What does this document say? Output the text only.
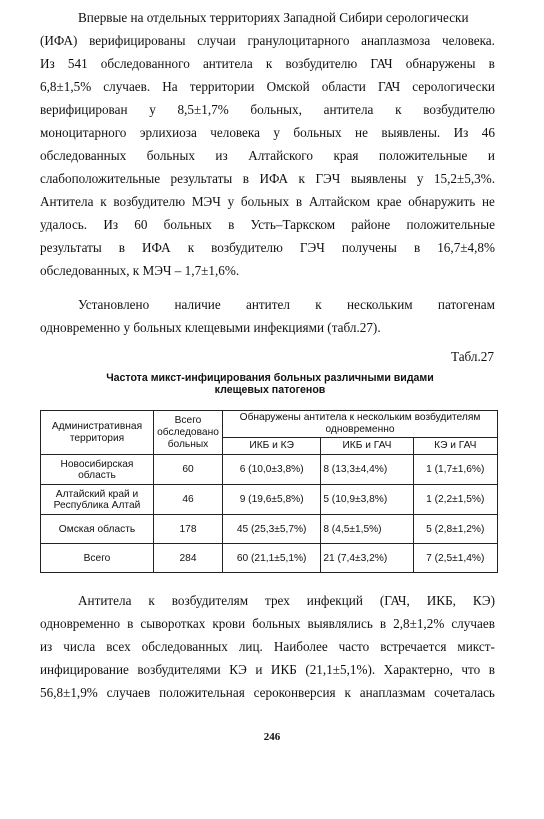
Впервые на отдельных территориях Западной Сибири серологически
(ИФА) верифицированы случаи гранулоцитарного анаплазмоза человека.
Из 541 обследованного антитела к возбудителю ГАЧ обнаружены в
6,8±1,5% случаев. На территории Омской области ГАЧ серологически
верифицирован у 8,5±1,7% больных, антитела к возбудителю
моноцитарного эрлихиоза человека у больных не выявлены. Из 46
обследованных больных из Алтайского края положительные и
слабоположительные результаты в ИФА к ГЭЧ выявлены у 15,2±5,3%.
Антитела к возбудителю МЭЧ у больных в Алтайском крае обнаружить не
удалось. Из 60 больных в Усть–Таркском районе положительные
результаты в ИФА к возбудителю ГЭЧ получены в 16,7±4,8%
обследованных, к МЭЧ – 1,7±1,6%.
Установлено наличие антител к нескольким патогенам
одновременно у больных клещевыми инфекциями (табл.27).
Табл.27
Частота микст-инфицирования больных различными видами
клещевых патогенов
Административная территория	Всего обследовано больных	Обнаружены антитела к нескольким возбудителям одновременно		
		ИКБ и КЭ	ИКБ и ГАЧ	КЭ и ГАЧ
Новосибирская область	60	6 (10,0±3,8%)	8 (13,3±4,4%)	1 (1,7±1,6%)
Алтайский край и Республика Алтай	46	9 (19,6±5,8%)	5 (10,9±3,8%)	1 (2,2±1,5%)
Омская область	178	45 (25,3±5,7%)	8 (4,5±1,5%)	5 (2,8±1,2%)
Всего	284	60 (21,1±5,1%)	21 (7,4±3,2%)	7 (2,5±1,4%)
Антитела к возбудителям трех инфекций (ГАЧ, ИКБ, КЭ)
одновременно в сыворотках крови больных выявлялись в 2,8±1,2% случаев
из числа всех обследованных лиц. Наиболее часто встречается микст-
инфицирование возбудителями КЭ и ИКБ (21,1±5,1%). Характерно, что в
56,8±1,9% случаев положительная сероконверсия к анаплазмам сочеталась
246
